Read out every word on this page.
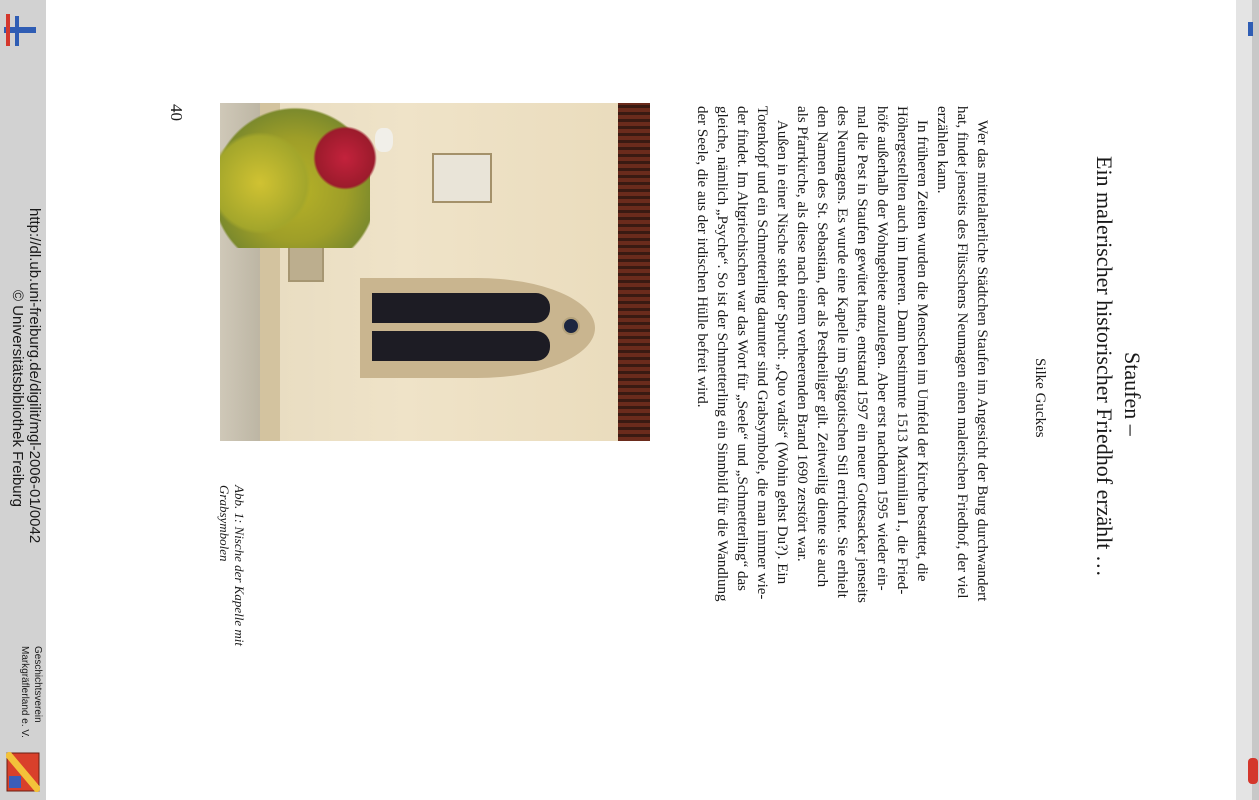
http://dl.ub.uni-freiburg.de/digilit/mgl-2006-01/0042
© Universitätsbibliothek Freiburg
Geschichtsverein
Markgräflerland e. V.
40
Abb. 1: Nische der Kapelle mit
Grabsymbolen
Staufen –
Ein malerischer historischer Friedhof erzählt …
Silke Guckes
Wer das mittelalterliche Städtchen Staufen im Angesicht der Burg durchwandert
hat, findet jenseits des Flüsschens Neumagen einen malerischen Friedhof, der viel
erzählen kann.
In früheren Zeiten wurden die Menschen im Umfeld der Kirche bestattet, die
Höhergestellten auch im Inneren. Dann bestimmte 1513 Maximilian I., die Fried-
höfe außerhalb der Wohngebiete anzulegen. Aber erst nachdem 1595 wieder ein-
mal die Pest in Staufen gewütet hatte, entstand 1597 ein neuer Gottesacker jenseits
des Neumagens. Es wurde eine Kapelle im Spätgotischen Stil errichtet. Sie erhielt
den Namen des St. Sebastian, der als Pestheiliger gilt. Zeitweilig diente sie auch
als Pfarrkirche, als diese nach einem verheerenden Brand 1690 zerstört war.
Außen in einer Nische steht der Spruch: „Quo vadis“ (Wohin gehst Du?). Ein
Totenkopf und ein Schmetterling darunter sind Grabsymbole, die man immer wie-
der findet. Im Altgriechischen war das Wort für „Seele“ und „Schmetterling“ das
gleiche, nämlich „Psyche“. So ist der Schmetterling ein Sinnbild für die Wandlung
der Seele, die aus der irdischen Hülle befreit wird.
